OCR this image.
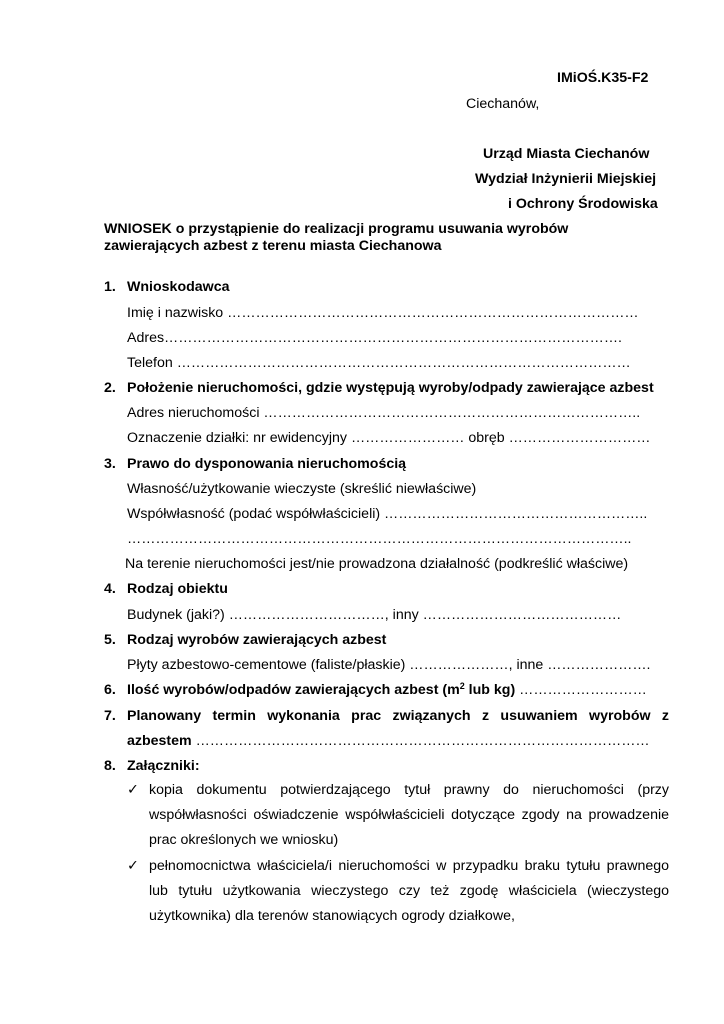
IMiOŚ.K35-F2
Ciechanów,
Urząd Miasta Ciechanów
Wydział Inżynierii Miejskiej
i Ochrony Środowiska
WNIOSEK o przystąpienie do realizacji programu usuwania wyrobów
zawierających azbest z terenu miasta Ciechanowa
1. Wnioskodawca
Imię i nazwisko ……………………………………………………………………………
Adres…………………………………………………………………………………….
Telefon ……………………………………………………………………………………
2. Położenie nieruchomości, gdzie występują wyroby/odpady zawierające azbest
Adres nieruchomości ……………………………………………………………………..
Oznaczenie działki: nr ewidencyjny …………………… obręb …………………………
3. Prawo do dysponowania nieruchomością
Własność/użytkowanie wieczyste (skreślić niewłaściwe)
Współwłasność (podać współwłaścicieli) ………………………………………………..
……………………………………………………………………………………………..
Na terenie nieruchomości jest/nie prowadzona działalność (podkreślić właściwe)
4. Rodzaj obiektu
Budynek (jaki?) ……………………………, inny ……………………………………
5. Rodzaj wyrobów zawierających azbest
Płyty azbestowo-cementowe (faliste/płaskie) …………………, inne ………………….
6. Ilość wyrobów/odpadów zawierających azbest ($m^2$ lub kg) ………………………
7. Planowany termin wykonania prac związanych z usuwaniem wyrobów z
azbestem ……………………………………………………………………………………
8. Załączniki:
✓ kopia dokumentu potwierdzającego tytuł prawny do nieruchomości (przy
współwłasności oświadczenie współwłaścicieli dotyczące zgody na prowadzenie
prac określonych we wniosku)
✓ pełnomocnictwa właściciela/i nieruchomości w przypadku braku tytułu prawnego
lub tytułu użytkowania wieczystego czy też zgodę właściciela (wieczystego
użytkownika) dla terenów stanowiących ogrody działkowe,
